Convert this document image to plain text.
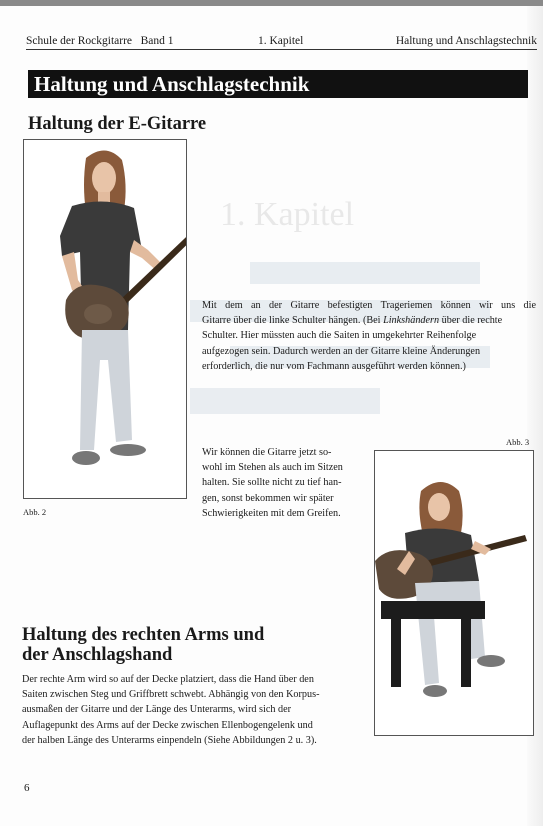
1. Kapitel
Schule der Rockgitarre   Band 1	1. Kapitel	Haltung und Anschlagstechnik
Haltung und Anschlagstechnik
Haltung der E-Gitarre
Abb. 2
Mit dem an der Gitarre befestigten Trageriemen können wir uns die
Gitarre über die linke Schulter hängen. (Bei Linkshändern über die rechte
Schulter. Hier müssten auch die Saiten in umgekehrter Reihenfolge
aufgezogen sein. Dadurch werden an der Gitarre kleine Änderungen
erforderlich, die nur vom Fachmann ausgeführt werden können.)
Wir können die Gitarre jetzt so-
wohl im Stehen als auch im Sitzen
halten. Sie sollte nicht zu tief han-
gen, sonst bekommen wir später
Schwierigkeiten mit dem Greifen.
Abb. 3
Haltung des rechten Arms und
der Anschlagshand
Der rechte Arm wird so auf der Decke platziert, dass die Hand über den
Saiten zwischen Steg und Griffbrett schwebt. Abhängig von den Korpus-
ausmaßen der Gitarre und der Länge des Unterarms, wird sich der
Auflagepunkt des Arms auf der Decke zwischen Ellenbogengelenk und
der halben Länge des Unterarms einpendeln (Siehe Abbildungen 2 u. 3).
6
